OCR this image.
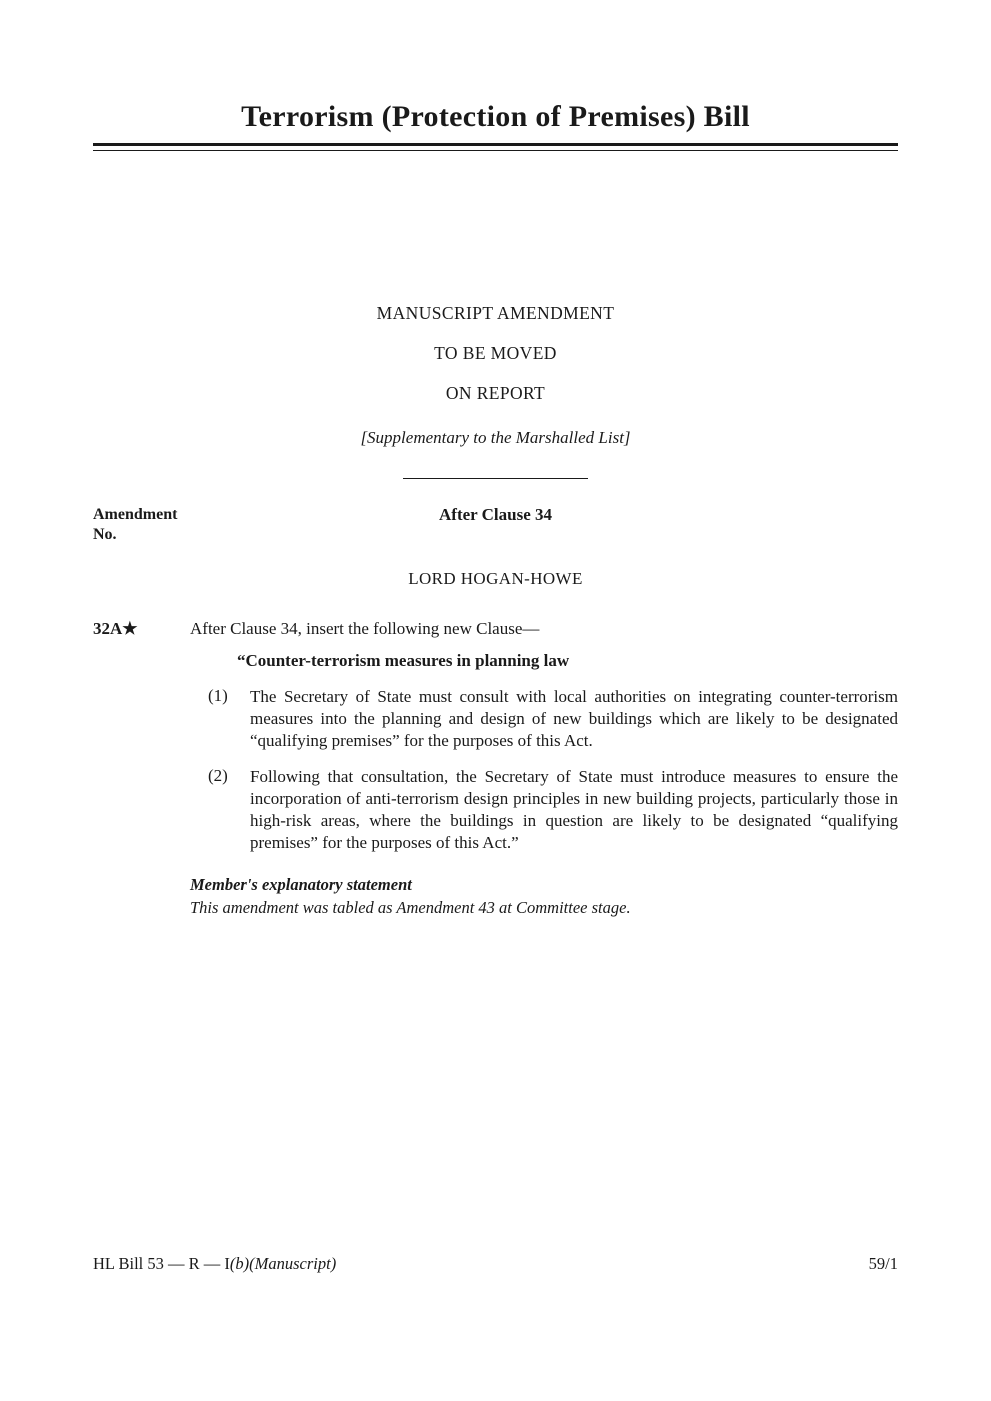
Terrorism (Protection of Premises) Bill
MANUSCRIPT AMENDMENT
TO BE MOVED
ON REPORT
[Supplementary to the Marshalled List]
Amendment
No.
After Clause 34
LORD HOGAN-HOWE
32A★	After Clause 34, insert the following new Clause—
“Counter-terrorism measures in planning law
(1)	The Secretary of State must consult with local authorities on integrating counter-terrorism measures into the planning and design of new buildings which are likely to be designated “qualifying premises” for the purposes of this Act.
(2)	Following that consultation, the Secretary of State must introduce measures to ensure the incorporation of anti-terrorism design principles in new building projects, particularly those in high-risk areas, where the buildings in question are likely to be designated “qualifying premises” for the purposes of this Act.”
Member's explanatory statement
This amendment was tabled as Amendment 43 at Committee stage.
HL Bill 53 — R — I(b)(Manuscript)	59/1
